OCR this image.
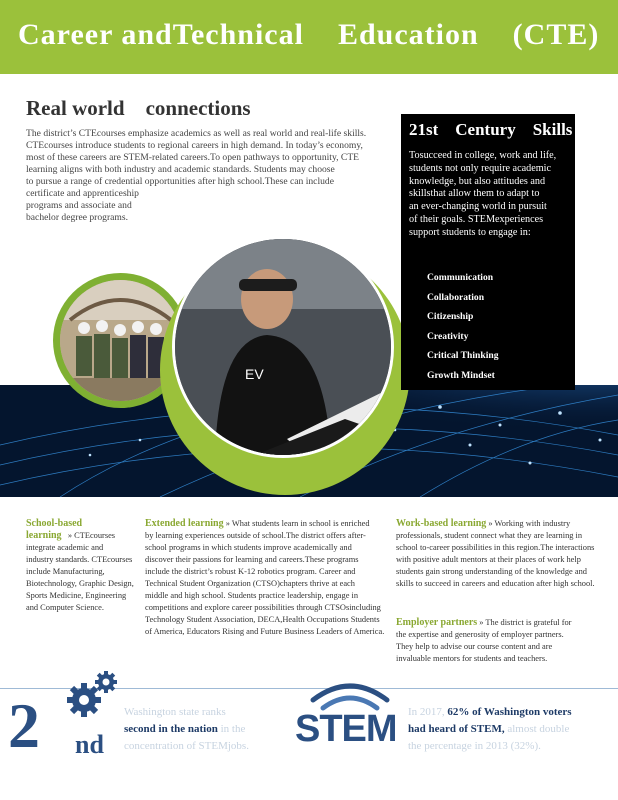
Career andTechnical    Education    (CTE)
Real world    connections
The district’s CTEcourses emphasize academics as well as real world and real-life skills.
CTEcourses introduce students to regional careers in high demand. In today’s economy,
most of these careers are STEM-related careers.To open pathways to opportunity, CTE
learning aligns with both industry and academic standards. Students may choose
to pursue a range of credential opportunities after high school.These can include
certificate and apprenticeship
programs and associate and
bachelor degree programs.
EV
21st    Century    Skills
Tosucceed in college, work and life,
students not only require academic
knowledge, but also attitudes and
skillsthat allow them to adapt to
an ever-changing world in pursuit
of their goals. STEMexperiences
support students to engage in:
Communication
Collaboration
Citizenship
Creativity
Critical Thinking
Growth Mindset
School-based
learning » CTEcourses
integrate academic and
industry standards. CTEcourses
include Manufacturing,
Biotechnology, Graphic Design,
Sports Medicine, Engineering
and Computer Science.
Extended learning » What students learn in school is enriched
by learning experiences outside of school.The district offers after-
school programs in which students improve academically and
discover their passions for learning and careers.These programs
include the district’s robust K-12 robotics program. Career and
Technical Student Organization (CTSO)chapters thrive at each
middle and high school. Students practice leadership, engage in
competitions and explore career possibilities through CTSOsincluding
Technology Student Association, DECA,Health Occupations Students
of America, Educators Rising and Future Business Leaders of America.
Work-based learning » Working with industry
professionals, student connect what they are learning in
school to-career possibilities in this region.The interactions
with positive adult mentors at their places of work help
students gain strong understanding of the knowledge and
skills to succeed in careers and education after high school.
Employer partners » The district is grateful for
the expertise and generosity of employer partners.
They help to advise our course content and are
invaluable mentors for students and teachers.
2 nd
Washington state ranks
second in the nation in the
concentration of STEMjobs.	STEM In 2017, 62% of Washington voters
had heard of STEM, almost double
the percentage in 2013 (32%).
